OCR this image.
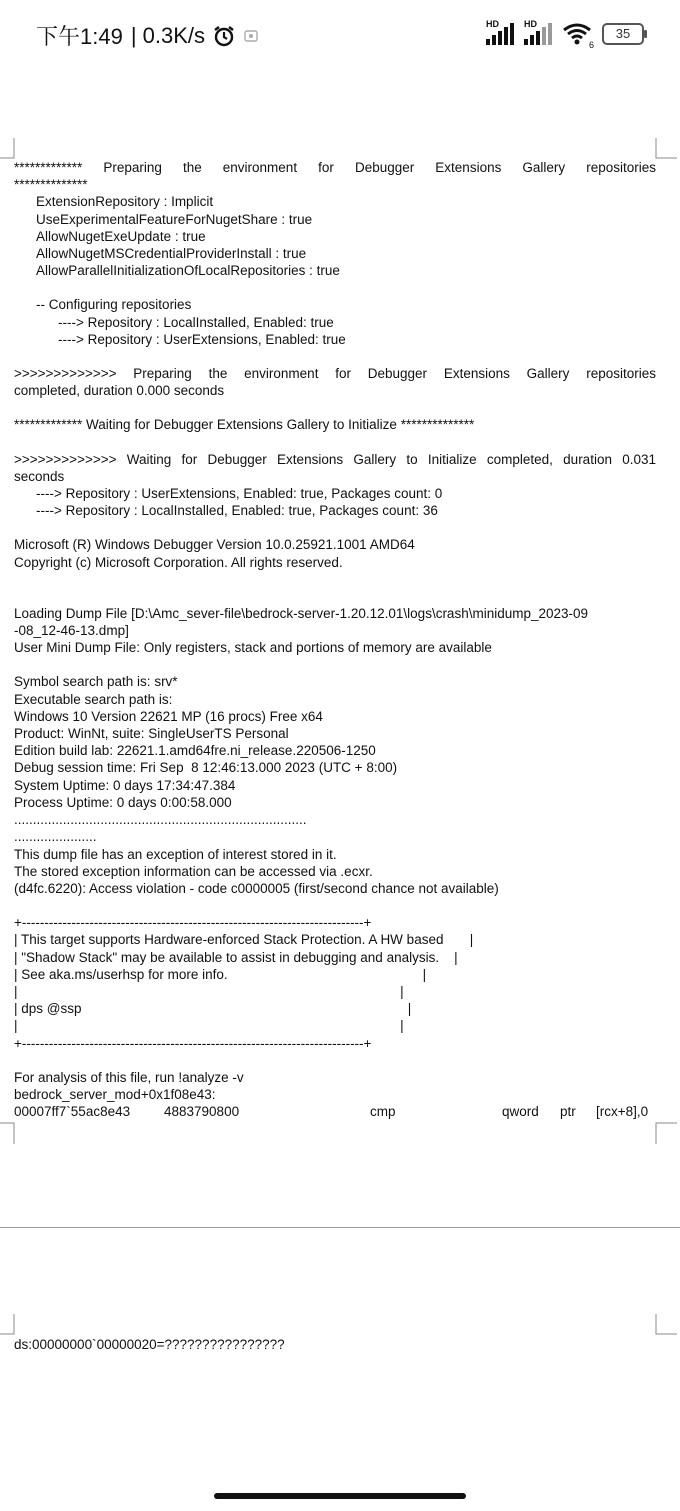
下午1:49 | 0.3K/s	HD	HD
6
35
************* Preparing the environment for Debugger Extensions Gallery repositories
**************
ExtensionRepository : Implicit
UseExperimentalFeatureForNugetShare : true
AllowNugetExeUpdate : true
AllowNugetMSCredentialProviderInstall : true
AllowParallelInitializationOfLocalRepositories : true
-- Configuring repositories
----> Repository : LocalInstalled, Enabled: true
----> Repository : UserExtensions, Enabled: true
>>>>>>>>>>>>> Preparing the environment for Debugger Extensions Gallery repositories
completed, duration 0.000 seconds
************* Waiting for Debugger Extensions Gallery to Initialize **************
>>>>>>>>>>>>> Waiting for Debugger Extensions Gallery to Initialize completed, duration 0.031
seconds
----> Repository : UserExtensions, Enabled: true, Packages count: 0
----> Repository : LocalInstalled, Enabled: true, Packages count: 36
Microsoft (R) Windows Debugger Version 10.0.25921.1001 AMD64
Copyright (c) Microsoft Corporation. All rights reserved.
Loading Dump File [D:\Amc_sever-file\bedrock-server-1.20.12.01\logs\crash\minidump_2023-09
-08_12-46-13.dmp]
User Mini Dump File: Only registers, stack and portions of memory are available
Symbol search path is: srv*
Executable search path is:
Windows 10 Version 22621 MP (16 procs) Free x64
Product: WinNt, suite: SingleUserTS Personal
Edition build lab: 22621.1.amd64fre.ni_release.220506-1250
Debug session time: Fri Sep  8 12:46:13.000 2023 (UTC + 8:00)
System Uptime: 0 days 17:34:47.384
Process Uptime: 0 days 0:00:58.000
..............................................................................
......................
This dump file has an exception of interest stored in it.
The stored exception information can be accessed via .ecxr.
(d4fc.6220): Access violation - code c0000005 (first/second chance not available)
+----------------------------------------------------------------------------+
| This target supports Hardware-enforced Stack Protection. A HW based       |
| "Shadow Stack" may be available to assist in debugging and analysis.    |
| See aka.ms/userhsp for more info.                                                    |
|                                                                                                      |
| dps @ssp                                                                                       |
|                                                                                                      |
+----------------------------------------------------------------------------+
For analysis of this file, run !analyze -v
bedrock_server_mod+0x1f08e43:
00007ff7`55ac8e43	4883790800	cmp	qword	ptr	[rcx+8],0
ds:00000000`00000020=????????????????
